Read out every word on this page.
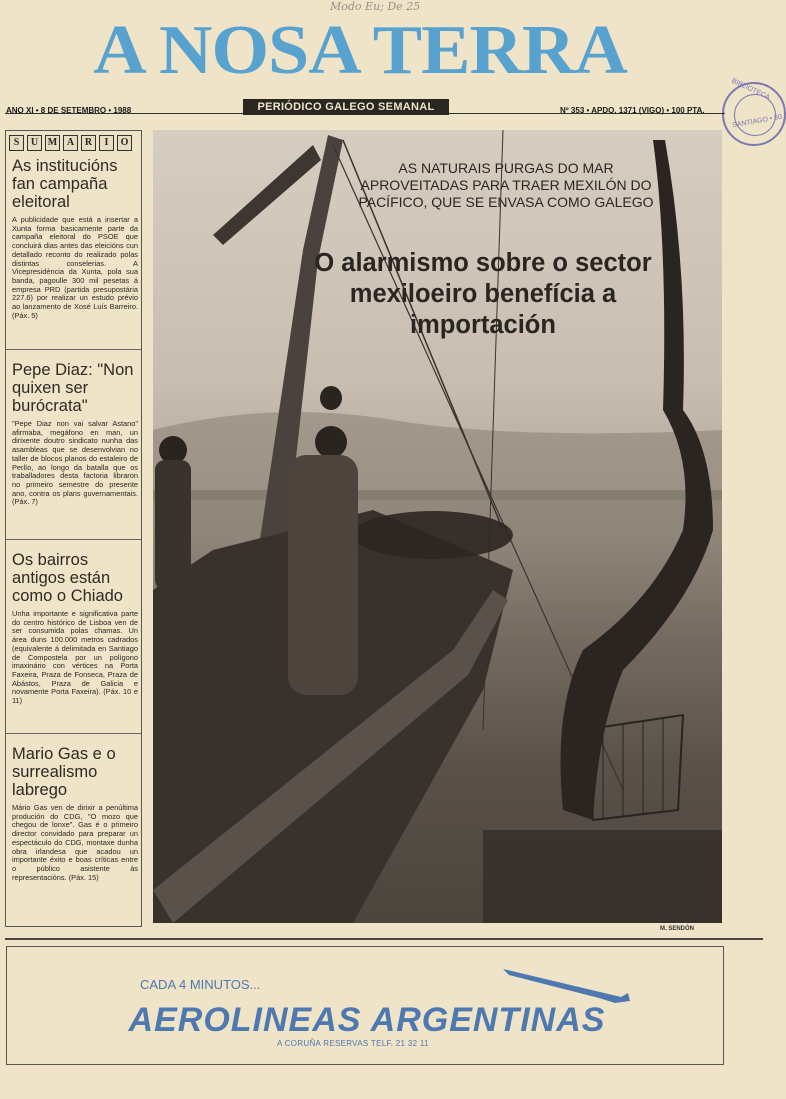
Modo Eu; De 25
A NOSA TERRA
BIBLIOTECA
SANTIAGO • 80
ANO XI • 8 DE SETEMBRO • 1988	PERIÓDICO GALEGO SEMANAL	Nº 353 • APDO. 1371 (VIGO) • 100 PTA.
S	U M A	R	I	O
As institucións fan campaña eleitoral

A publicidade que está a insertar a Xunta forma basicamente parte da campaña eleitoral do PSOE que concluirá dias antes das eleicións cun detallado reconto do realizado polas distintas conselerias. A Vicepresidéncia da Xunta, pola sua banda, pagoulle 300 mil pesetas á empresa PRD (partida presupostária 227.6) por realizar un estudo prévio ao lanzamento de Xosé Luís Barreiro. (Páx. 5)

Pepe Diaz: "Non quixen ser burócrata"

"Pepe Diaz non vai salvar Astano" afirmaba, megáfono en man, un dirixente doutro sindicato nunha das asambleas que se desenvolvian no taller de blocos planos do estaleiro de Perlío, ao longo da batalla que os traballadores desta factoria libraron no primeiro semestre do presente ano, contra os plans guvernamentais. (Páx. 7)

Os bairros antigos están como o Chiado

Unha importante e significativa parte do centro histórico de Lisboa ven de ser consumida polas chamas. Un área duns 100.000 metros cadrados (equivalente á delimitada en Santiago de Compostela por un polígono imaxinário con vértices na Porta Faxeira, Praza de Fonseca, Praza de Abástos, Praza de Galicia e novamente Porta Faxeira). (Páx. 10 e 11)

Mario Gas e o surrealismo labrego

Mário Gas ven de dirixir a penúltima produción do CDG, "O mozo que chegou de lonxe". Gas é o primeiro director convidado para preparar un espectáculo do CDG, montaxe dunha obra irlandesa que acadou un importante éxito e boas críticas entre o público asistente ás representacións. (Páx. 15)

AS NATURAIS PURGAS DO MAR APROVEITADAS PARA TRAER MEXILÓN DO PACÍFICO, QUE SE ENVASA COMO GALEGO
O alarmismo sobre o sector mexiloeiro benefícia a importación
M. SENDÓN
CADA 4 MINUTOS...
AEROLINEAS ARGENTINAS
A CORUÑA RESERVAS TELF. 21 32 11
